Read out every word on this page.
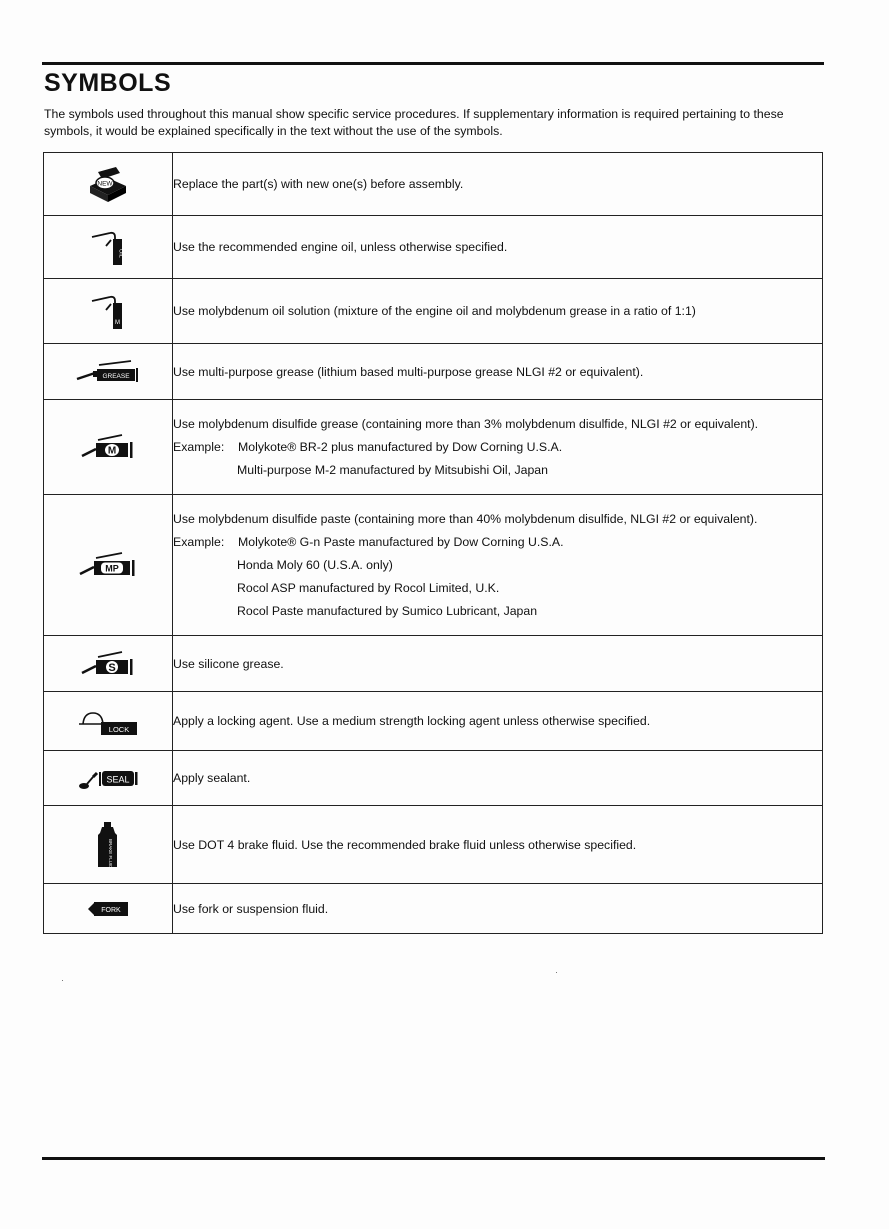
SYMBOLS

The symbols used throughout this manual show specific service procedures. If supplementary information is required pertaining to these symbols, it would be explained specifically in the text without the use of the symbols.

NEW	Replace the part(s) with new one(s) before assembly.

OIL	Use the recommended engine oil, unless otherwise specified.

M	Use molybdenum oil solution (mixture of the engine oil and molybdenum grease in a ratio of 1:1)

GREASE	Use multi-purpose grease (lithium based multi-purpose grease NLGI #2 or equivalent).

M	Use molybdenum disulfide grease (containing more than 3% molybdenum disulfide, NLGI #2 or equivalent).

Example: Molykote® BR-2 plus manufactured by Dow Corning U.S.A.

Multi-purpose M-2 manufactured by Mitsubishi Oil, Japan

MP	Use molybdenum disulfide paste (containing more than 40% molybdenum disulfide, NLGI #2 or equivalent).

Example: Molykote® G-n Paste manufactured by Dow Corning U.S.A.

Honda Moly 60 (U.S.A. only)

Rocol ASP manufactured by Rocol Limited, U.K.

Rocol Paste manufactured by Sumico Lubricant, Japan

S	Use silicone grease.

LOCK	Apply a locking agent. Use a medium strength locking agent unless otherwise specified.

SEAL	Apply sealant.

BRAKE FLUID	Use DOT 4 brake fluid. Use the recommended brake fluid unless otherwise specified.

FORK	Use fork or suspension fluid.
